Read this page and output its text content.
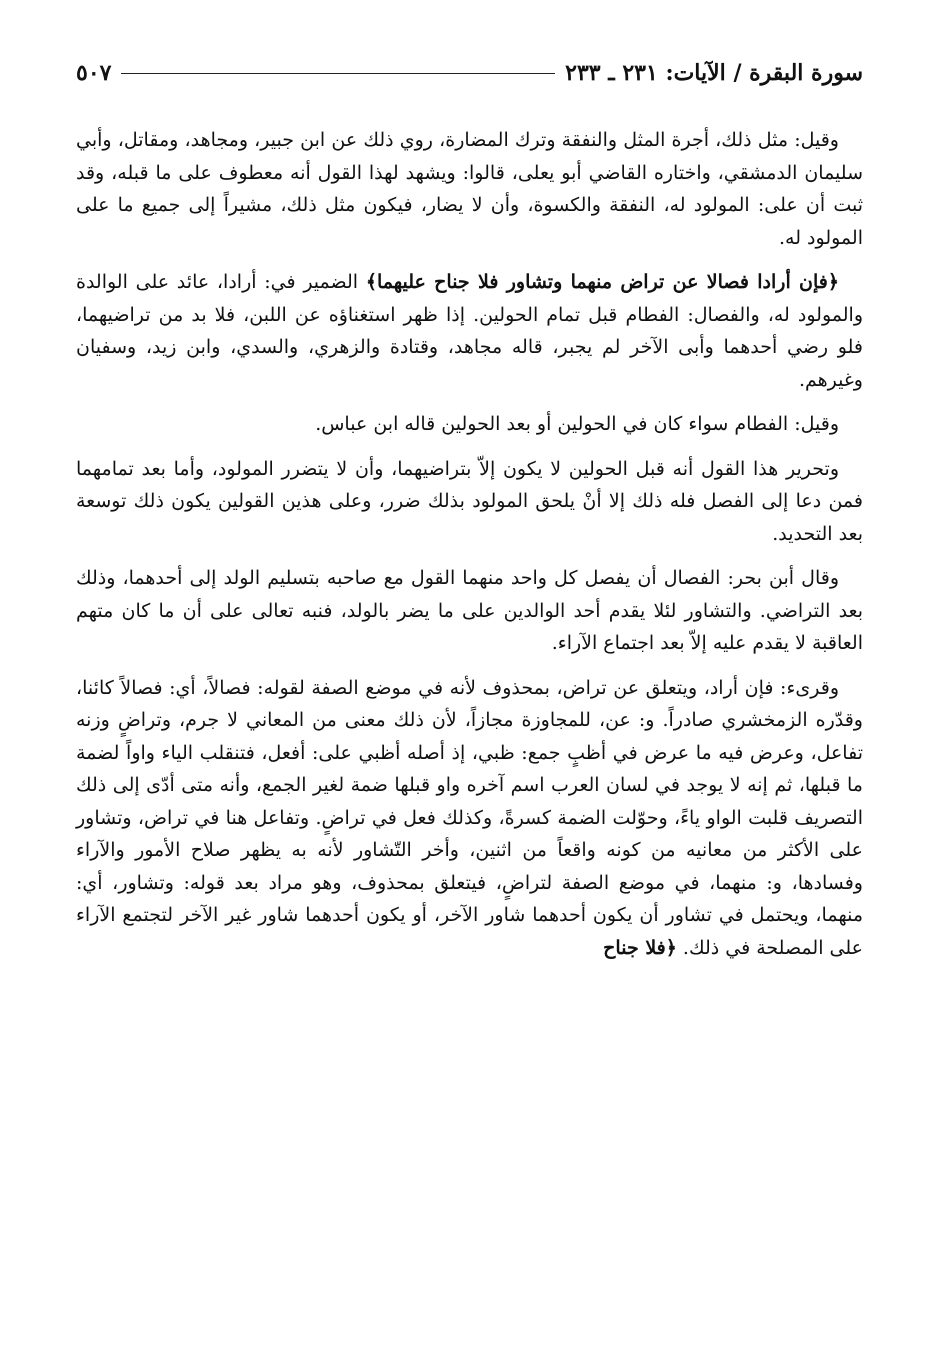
سورة البقرة / الآيات: ٢٣١ ـ ٢٣٣
٥٠٧

وقيل: مثل ذلك، أجرة المثل والنفقة وترك المضارة، روي ذلك عن ابن جبير، ومجاهد، ومقاتل، وأبي سليمان الدمشقي، واختاره القاضي أبو يعلى، قالوا: ويشهد لهذا القول أنه معطوف على ما قبله، وقد ثبت أن على: المولود له، النفقة والكسوة، وأن لا يضار، فيكون مثل ذلك، مشيراً إلى جميع ما على المولود له.

﴿فإن أرادا فصالا عن تراض منهما وتشاور فلا جناح عليهما﴾ الضمير في: أرادا، عائد على الوالدة والمولود له، والفصال: الفطام قبل تمام الحولين. إذا ظهر استغناؤه عن اللبن، فلا بد من تراضيهما، فلو رضي أحدهما وأبى الآخر لم يجبر، قاله مجاهد، وقتادة والزهري، والسدي، وابن زيد، وسفيان وغيرهم.

وقيل: الفطام سواء كان في الحولين أو بعد الحولين قاله ابن عباس.

وتحرير هذا القول أنه قبل الحولين لا يكون إلاّ بتراضيهما، وأن لا يتضرر المولود، وأما بعد تمامهما فمن دعا إلى الفصل فله ذلك إلا أنْ يلحق المولود بذلك ضرر، وعلى هذين القولين يكون ذلك توسعة بعد التحديد.

وقال أبن بحر: الفصال أن يفصل كل واحد منهما القول مع صاحبه بتسليم الولد إلى أحدهما، وذلك بعد التراضي. والتشاور لئلا يقدم أحد الوالدين على ما يضر بالولد، فنبه تعالى على أن ما كان متهم العاقبة لا يقدم عليه إلاّ بعد اجتماع الآراء.

وقرىء: فإن أراد، ويتعلق عن تراض، بمحذوف لأنه في موضع الصفة لقوله: فصالاً، أي: فصالاً كائنا، وقدّره الزمخشري صادراً. و: عن، للمجاوزة مجازاً، لأن ذلك معنى من المعاني لا جرم، وتراضٍ وزنه تفاعل، وعرض فيه ما عرض في أظبٍ جمع: ظبي، إذ أصله أظبي على: أفعل، فتنقلب الياء واواً لضمة ما قبلها، ثم إنه لا يوجد في لسان العرب اسم آخره واو قبلها ضمة لغير الجمع، وأنه متى أدّى إلى ذلك التصريف قلبت الواو ياءً، وحوّلت الضمة كسرةً، وكذلك فعل في تراضٍ. وتفاعل هنا في تراض، وتشاور على الأكثر من معانيه من كونه واقعاً من اثنين، وأخر التّشاور لأنه به يظهر صلاح الأمور والآراء وفسادها، و: منهما، في موضع الصفة لتراضٍ، فيتعلق بمحذوف، وهو مراد بعد قوله: وتشاور، أي: منهما، ويحتمل في تشاور أن يكون أحدهما شاور الآخر، أو يكون أحدهما شاور غير الآخر لتجتمع الآراء على المصلحة في ذلك. ﴿فلا جناح
